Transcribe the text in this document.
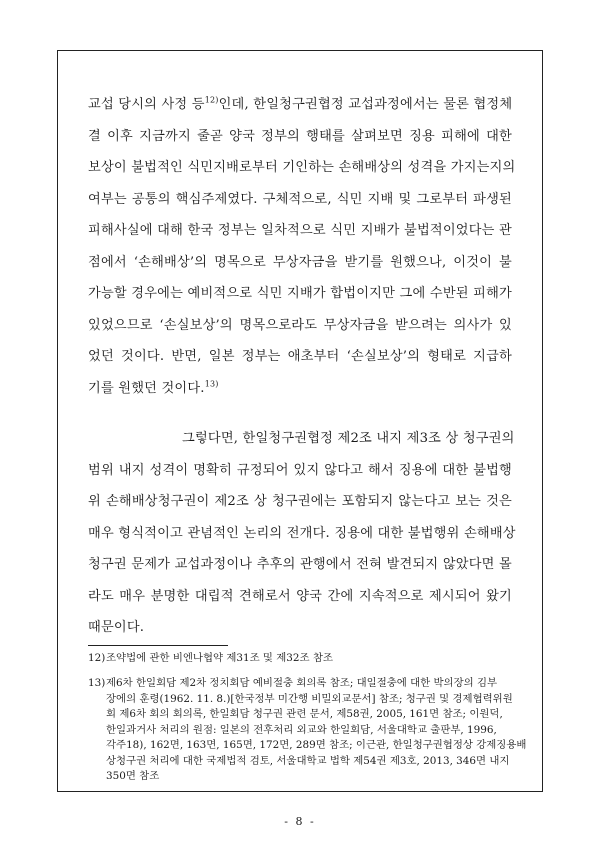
교섭 당시의 사정 등$^{12)}$인데, 한일청구권협정 교섭과정에서는 물론 협정체
결 이후 지금까지 줄곧 양국 정부의 행태를 살펴보면 징용 피해에 대한
보상이 불법적인 식민지배로부터 기인하는 손해배상의 성격을 가지는지의
여부는 공통의 핵심주제였다. 구체적으로, 식민 지배 및 그로부터 파생된
피해사실에 대해 한국 정부는 일차적으로 식민 지배가 불법적이었다는 관
점에서 ‘손해배상’의 명목으로 무상자금을 받기를 원했으나, 이것이 불
가능할 경우에는 예비적으로 식민 지배가 합법이지만 그에 수반된 피해가
있었으므로 ‘손실보상’의 명목으로라도 무상자금을 받으려는 의사가 있
었던 것이다. 반면, 일본 정부는 애초부터 ‘손실보상’의 형태로 지급하
기를 원했던 것이다.$^{13)}$
그렇다면, 한일청구권협정 제2조 내지 제3조 상 청구권의
범위 내지 성격이 명확히 규정되어 있지 않다고 해서 징용에 대한 불법행
위 손해배상청구권이 제2조 상 청구권에는 포함되지 않는다고 보는 것은
매우 형식적이고 관념적인 논리의 전개다. 징용에 대한 불법행위 손해배상
청구권 문제가 교섭과정이나 추후의 관행에서 전혀 발견되지 않았다면 몰
라도 매우 분명한 대립적 견해로서 양국 간에 지속적으로 제시되어 왔기
때문이다.
12) 조약법에 관한 비엔나협약 제31조 및 제32조 참조
13) 제6차 한일회담 제2차 정치회담 예비절충 회의록 참조; 대일절충에 대한 박의장의 김부
장에의 훈령(1962. 11. 8.)[한국정부 미간행 비밀외교문서] 참조; 청구권 및 경제협력위원
회 제6차 회의 회의록, 한일회담 청구권 관련 문서, 제58권, 2005, 161면 참조; 이원덕,
한일과거사 처리의 원점: 일본의 전후처리 외교와 한일회담, 서울대학교 출판부, 1996,
각주18), 162면, 163면, 165면, 172면, 289면 참조; 이근관, 한일청구권협정상 강제징용배
상청구권 처리에 대한 국제법적 검토, 서울대학교 법학 제54권 제3호, 2013, 346면 내지
350면 참조
- 8 -
